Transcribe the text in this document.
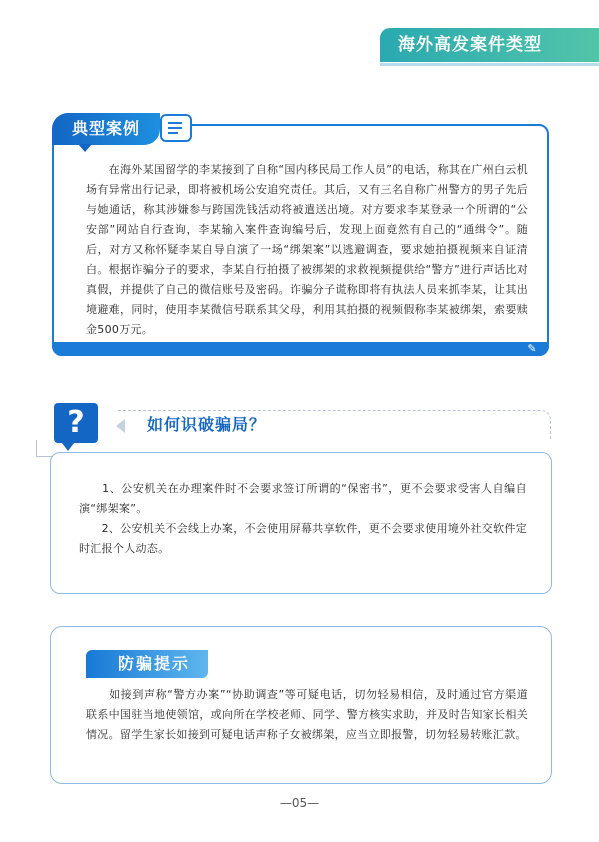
海外高发案件类型
✎
　　在海外某国留学的李某接到了自称“国内移民局工作人员”的电话，称其在广州白云机场有异常出行记录，即将被机场公安追究责任。其后，又有三名自称广州警方的男子先后与她通话，称其涉嫌参与跨国洗钱活动将被遣送出境。对方要求李某登录一个所谓的“公安部”网站自行查询，李某输入案件查询编号后，发现上面竟然有自己的“通缉令”。随后，对方又称怀疑李某自导自演了一场“绑架案”以逃避调查，要求她拍摄视频来自证清白。根据诈骗分子的要求，李某自行拍摄了被绑架的求救视频提供给“警方”进行声话比对真假，并提供了自己的微信账号及密码。诈骗分子谎称即将有执法人员来抓李某，让其出境避难，同时，使用李某微信号联系其父母，利用其拍摄的视频假称李某被绑架，索要赎金500万元。
典型案例
?	如何识破骗局？
　　1、公安机关在办理案件时不会要求签订所谓的“保密书”，更不会要求受害人自编自演“绑架案”。
　　2、公安机关不会线上办案，不会使用屏幕共享软件，更不会要求使用境外社交软件定时汇报个人动态。
　　如接到声称“警方办案”“协助调查”等可疑电话，切勿轻易相信，及时通过官方渠道联系中国驻当地使领馆，或向所在学校老师、同学、警方核实求助，并及时告知家长相关情况。留学生家长如接到可疑电话声称子女被绑架，应当立即报警，切勿轻易转账汇款。
防骗提示
—05—
